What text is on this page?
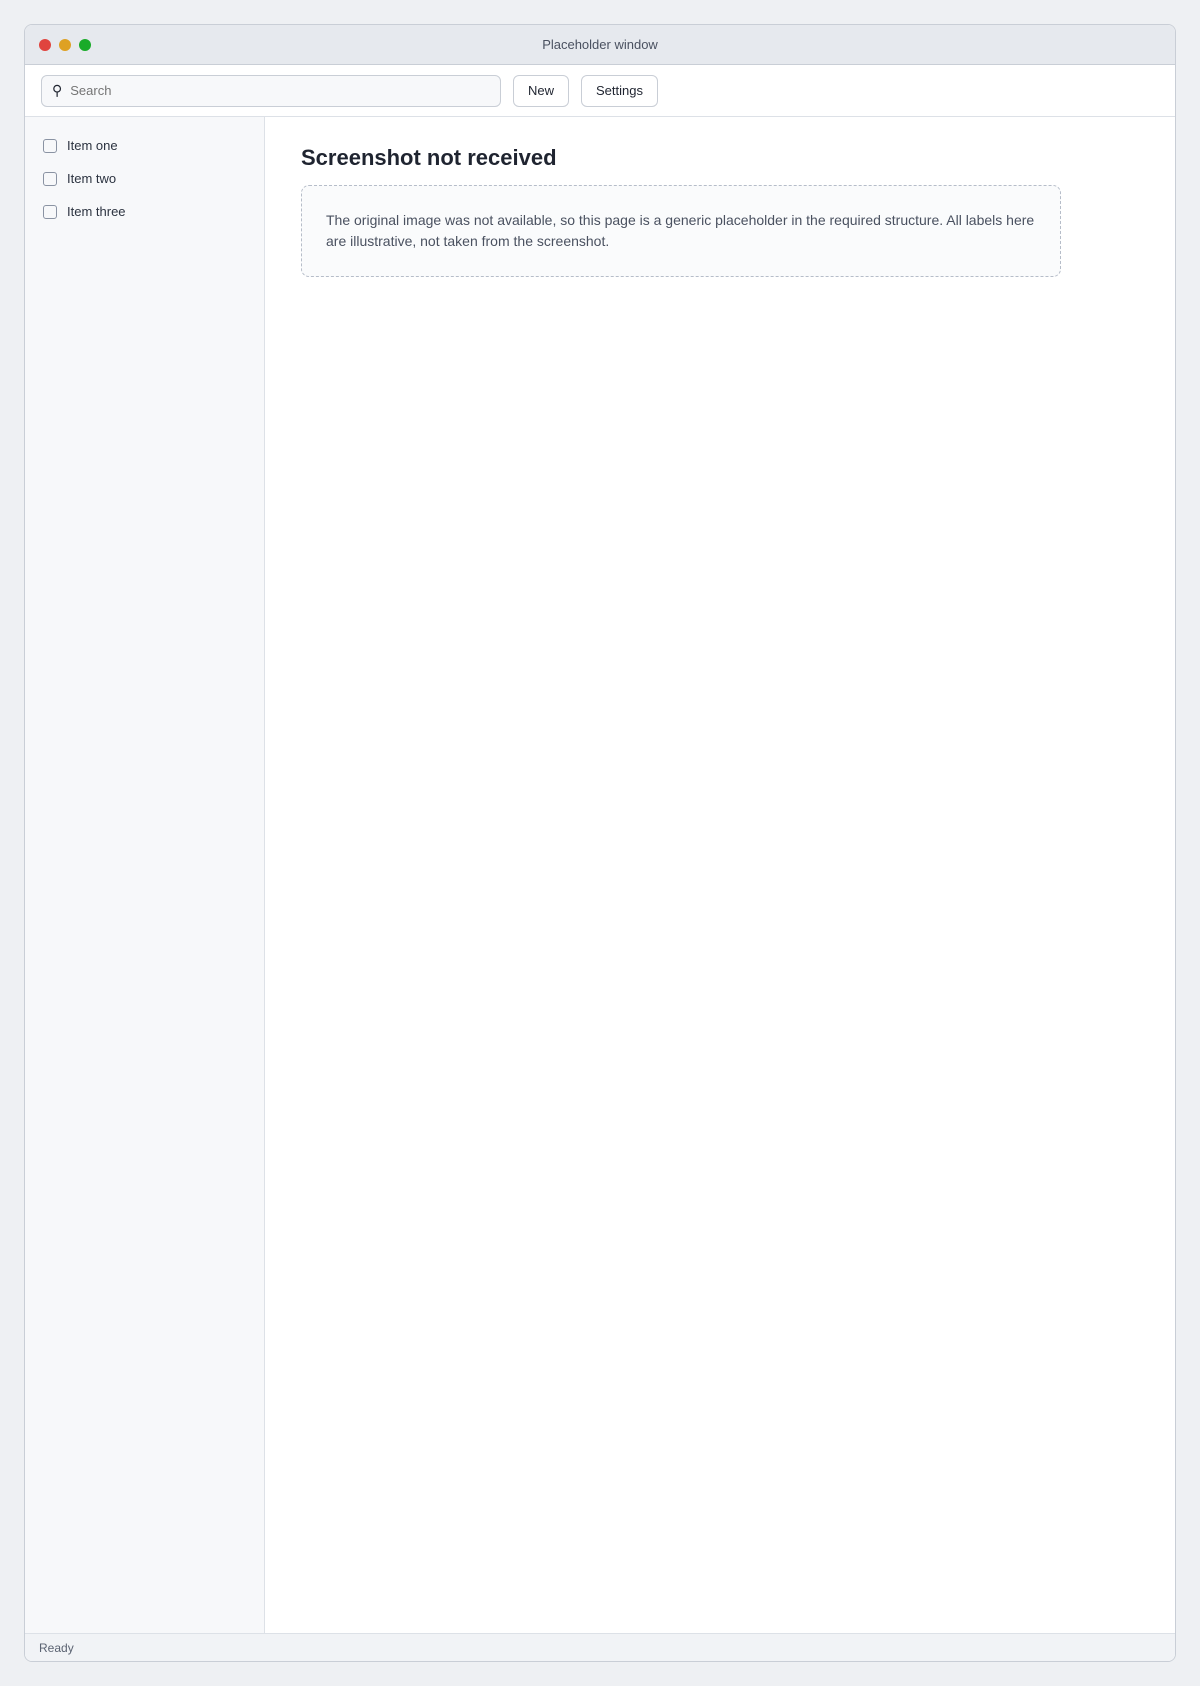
Placeholder window
⚲
Search	New	Settings
Item one
Item two
Item three
Screenshot not received
The original image was not available, so this page is a generic placeholder in the required structure. All labels here are illustrative, not taken from the screenshot.
Ready
